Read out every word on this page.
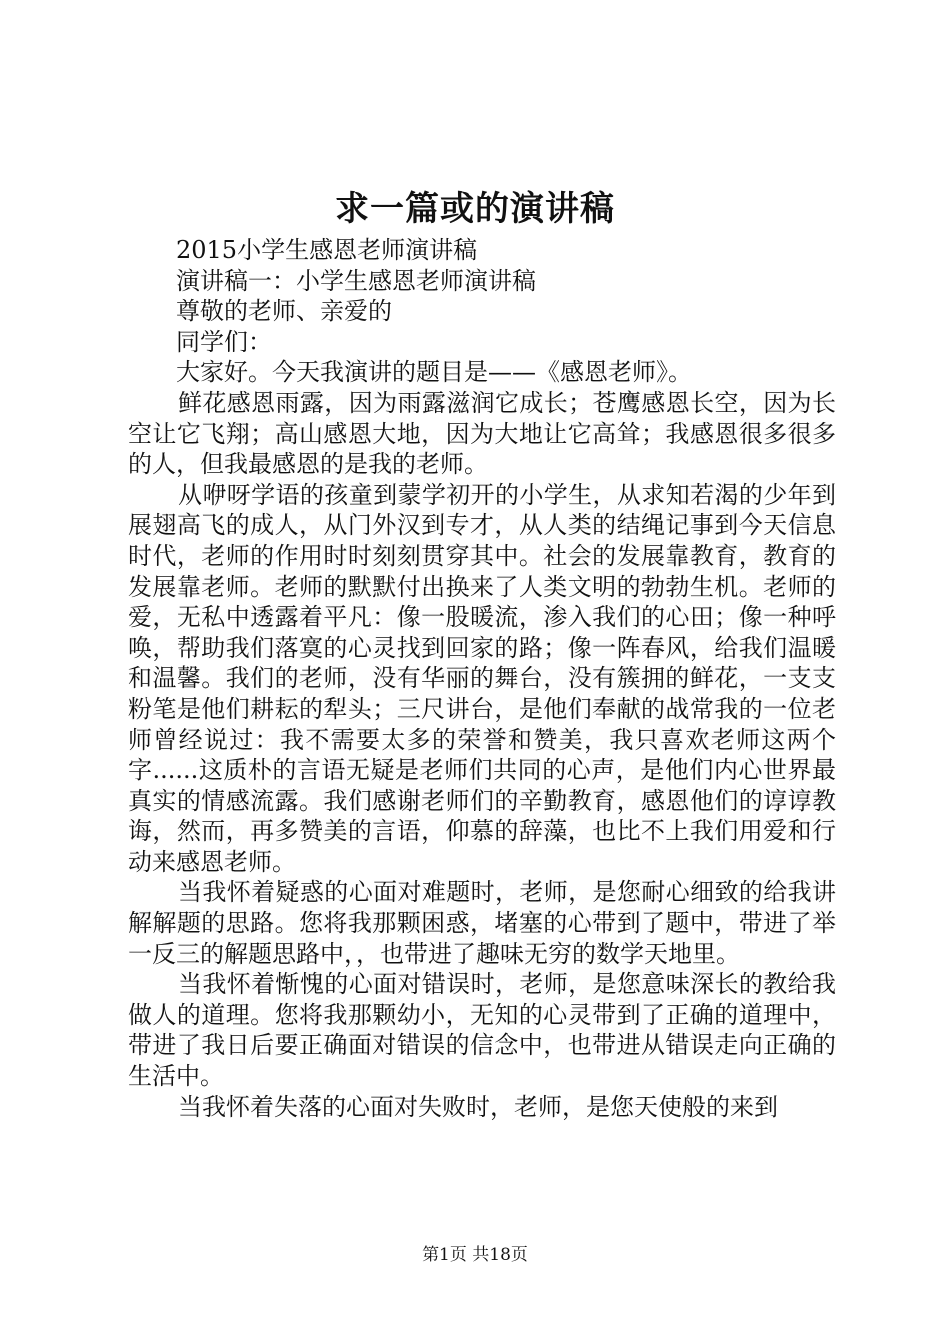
求一篇或的演讲稿

2015小学生感恩老师演讲稿

演讲稿一：小学生感恩老师演讲稿

尊敬的老师、亲爱的

同学们：

大家好。今天我演讲的题目是——《感恩老师》。

鲜花感恩雨露，因为雨露滋润它成长；苍鹰感恩长空，因为长空让它飞翔；高山感恩大地，因为大地让它高耸；我感恩很多很多的人，但我最感恩的是我的老师。

从咿呀学语的孩童到蒙学初开的小学生，从求知若渴的少年到展翅高飞的成人，从门外汉到专才，从人类的结绳记事到今天信息时代，老师的作用时时刻刻贯穿其中。社会的发展靠教育，教育的发展靠老师。老师的默默付出换来了人类文明的勃勃生机。老师的爱，无私中透露着平凡：像一股暖流，渗入我们的心田；像一种呼唤，帮助我们落寞的心灵找到回家的路；像一阵春风，给我们温暖和温馨。我们的老师，没有华丽的舞台，没有簇拥的鲜花，一支支粉笔是他们耕耘的犁头；三尺讲台，是他们奉献的战常我的一位老师曾经说过：我不需要太多的荣誉和赞美，我只喜欢老师这两个字......这质朴的言语无疑是老师们共同的心声，是他们内心世界最真实的情感流露。我们感谢老师们的辛勤教育，感恩他们的谆谆教诲，然而，再多赞美的言语，仰慕的辞藻，也比不上我们用爱和行动来感恩老师。

当我怀着疑惑的心面对难题时，老师，是您耐心细致的给我讲解解题的思路。您将我那颗困惑，堵塞的心带到了题中，带进了举一反三的解题思路中，，也带进了趣味无穷的数学天地里。

当我怀着惭愧的心面对错误时，老师，是您意味深长的教给我做人的道理。您将我那颗幼小，无知的心灵带到了正确的道理中，带进了我日后要正确面对错误的信念中，也带进从错误走向正确的生活中。

当我怀着失落的心面对失败时，老师，是您天使般的来到

第1页 共18页
